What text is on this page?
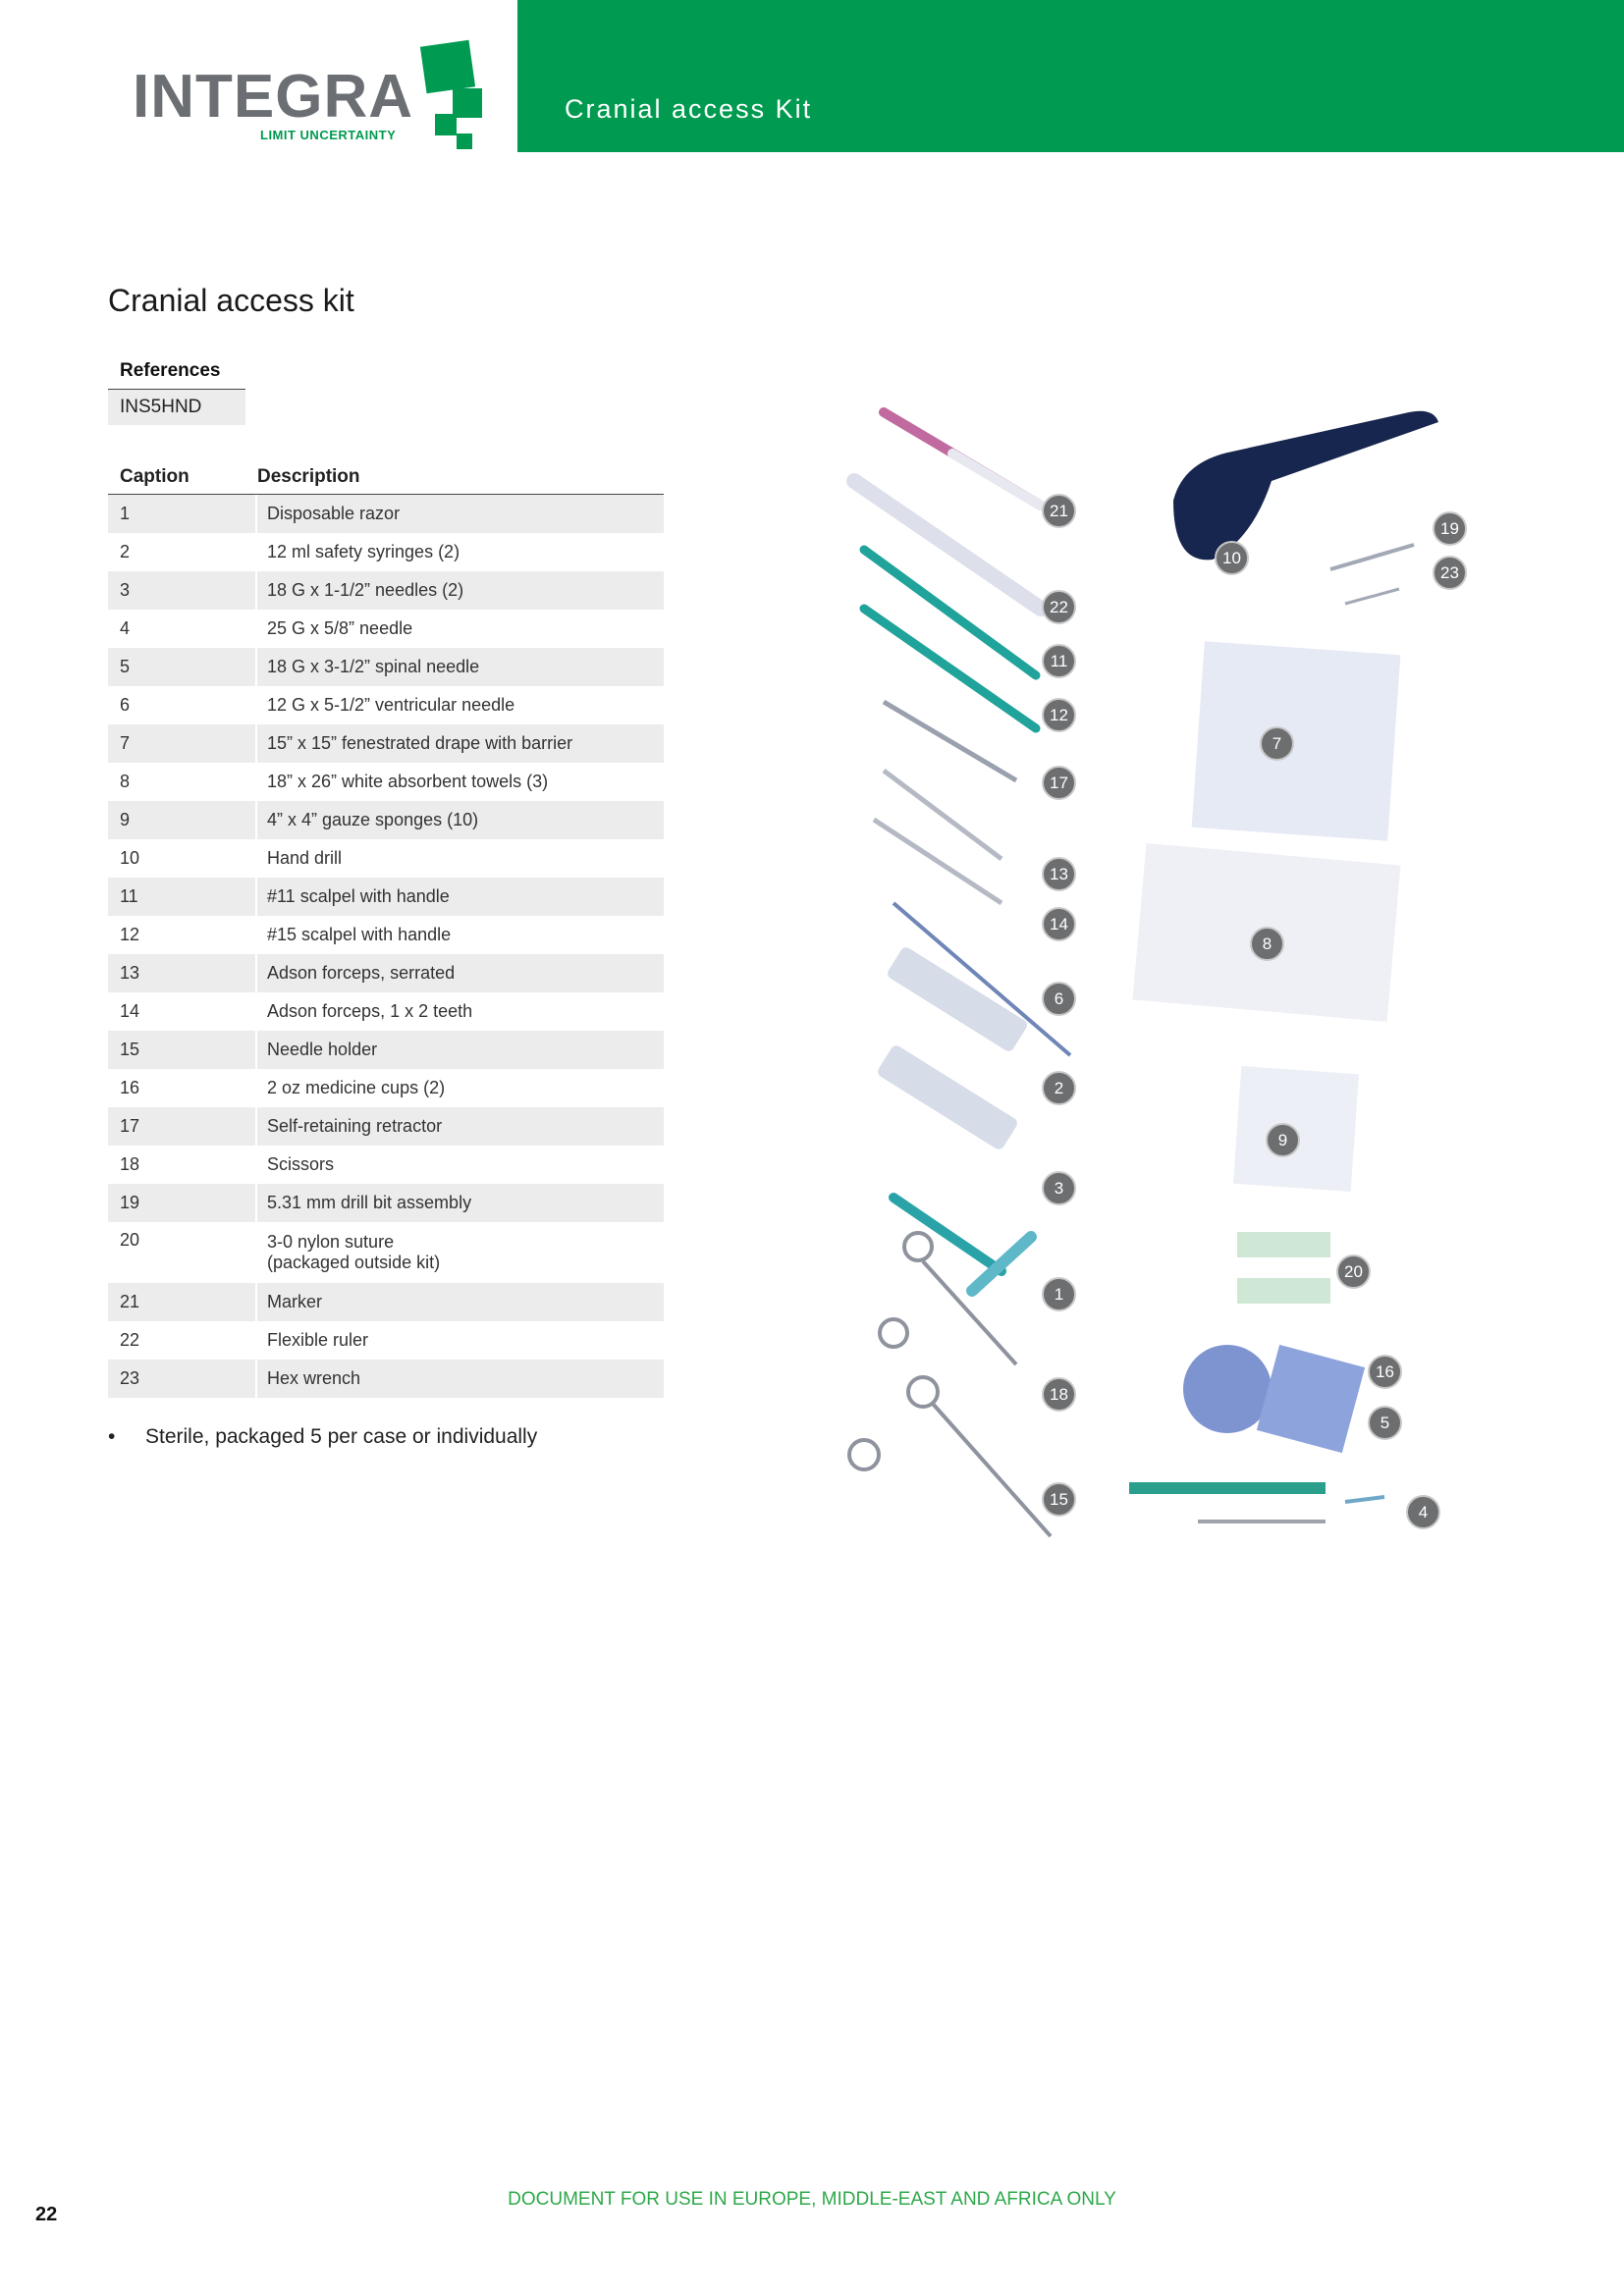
INTEGRA
LIMIT UNCERTAINTY
Cranial access Kit
Cranial access kit
References
INS5HND
Caption	Description
1	Disposable razor
2	12 ml safety syringes (2)
3	18 G x 1-1/2” needles (2)
4	25 G x 5/8” needle
5	18 G x 3-1/2” spinal needle
6	12 G x 5-1/2” ventricular needle
7	15” x 15” fenestrated drape with barrier
8	18” x 26” white absorbent towels (3)
9	4” x 4” gauze sponges (10)
10	Hand drill
11	#11 scalpel with handle
12	#15 scalpel with handle
13	Adson forceps, serrated
14	Adson forceps, 1 x 2 teeth
15	Needle holder
16	2 oz medicine cups (2)
17	Self-retaining retractor
18	Scissors
19	5.31 mm drill bit assembly
20	3-0 nylon suture
(packaged outside kit)
21	Marker
22	Flexible ruler
23	Hex wrench
• Sterile, packaged 5 per case or individually
21
22
11
12
17
13
14
6
2
3
1
18
15
10
19
23
7
8
9
20
16
5
4
DOCUMENT FOR USE IN EUROPE, MIDDLE-EAST AND AFRICA ONLY
22
